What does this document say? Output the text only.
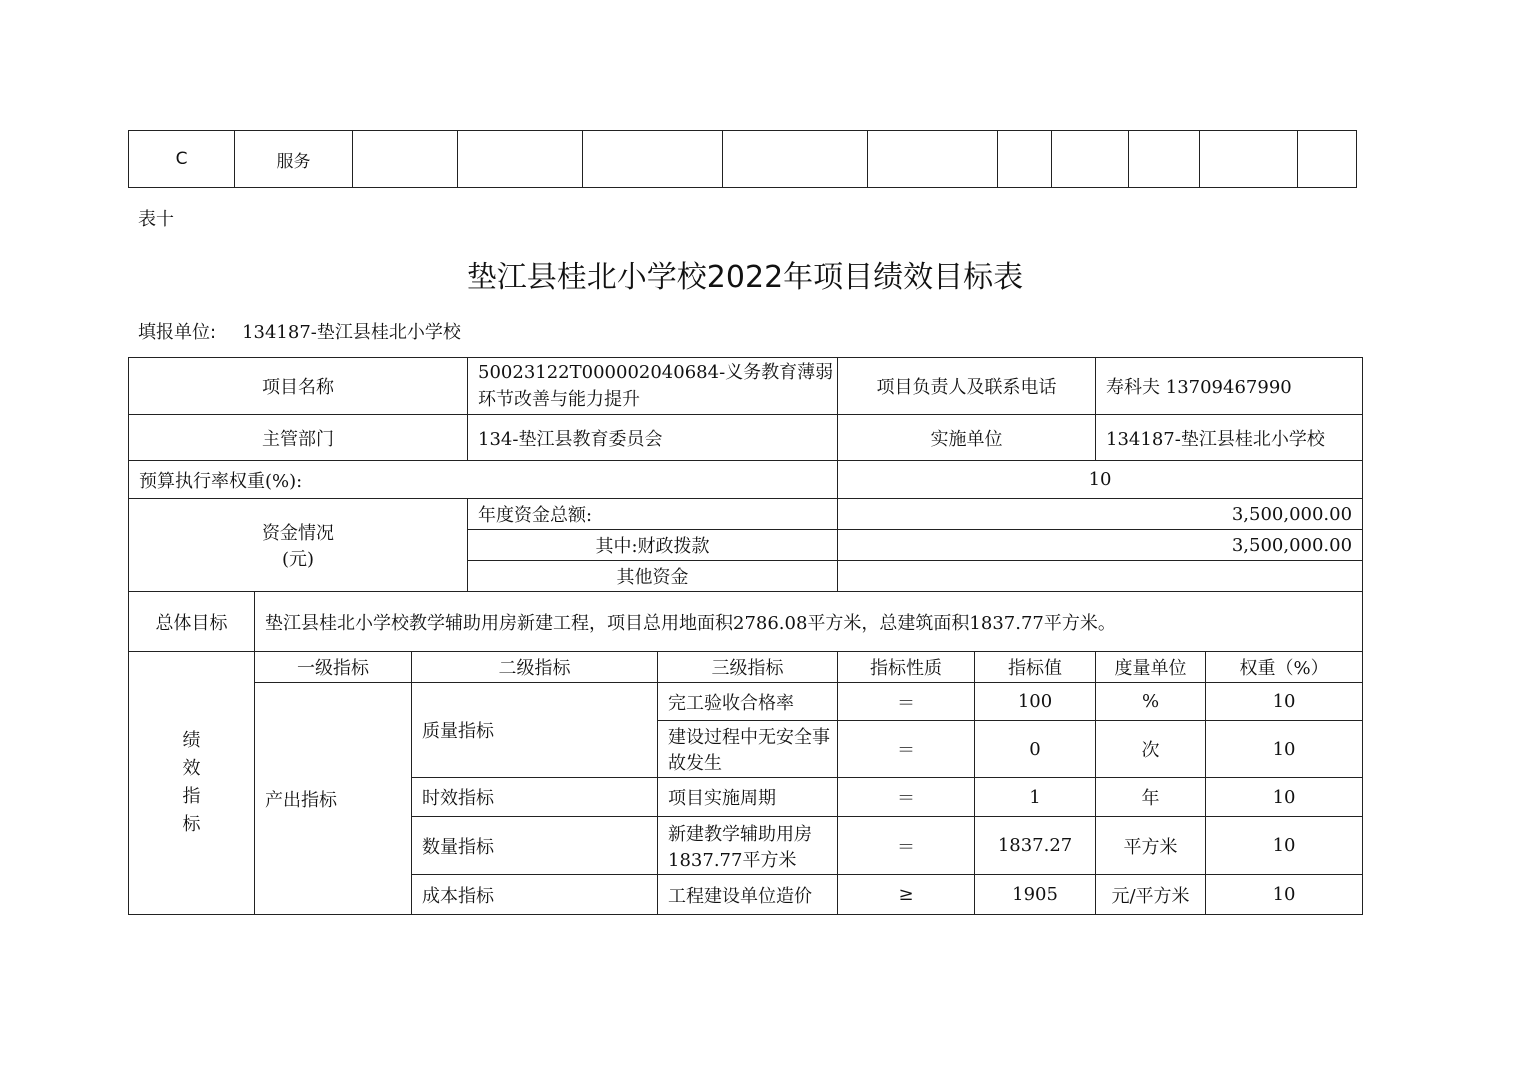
C	服务										
表十
垫江县桂北小学校2022年项目绩效目标表
填报单位: 134187-垫江县桂北小学校
项目名称			50023122T000002040684-义务教育薄弱环节改善与能力提升		项目负责人及联系电话		寿科夫 13709467990	
主管部门			134-垫江县教育委员会		实施单位		134187-垫江县桂北小学校	
预算执行率权重(%):					10			

资金情况
(元)			年度资金总额:		3,500,000.00			
			其中:财政拨款		3,500,000.00			
			其他资金					
总体目标	垫江县桂北小学校教学辅助用房新建工程，项目总用地面积2786.08平方米，总建筑面积1837.77平方米。							

绩
效
指
标	一级指标	二级指标		三级指标	指标性质	指标值	度量单位	权重（%）
	产出指标	质量指标		完工验收合格率	＝	100	%	10
				建设过程中无安全事故发生	＝	0	次	10
		时效指标		项目实施周期	＝	1	年	10
		数量指标		新建教学辅助用房1837.77平方米	＝	1837.27	平方米	10
		成本指标		工程建设单位造价	≥	1905	元/平方米	10
